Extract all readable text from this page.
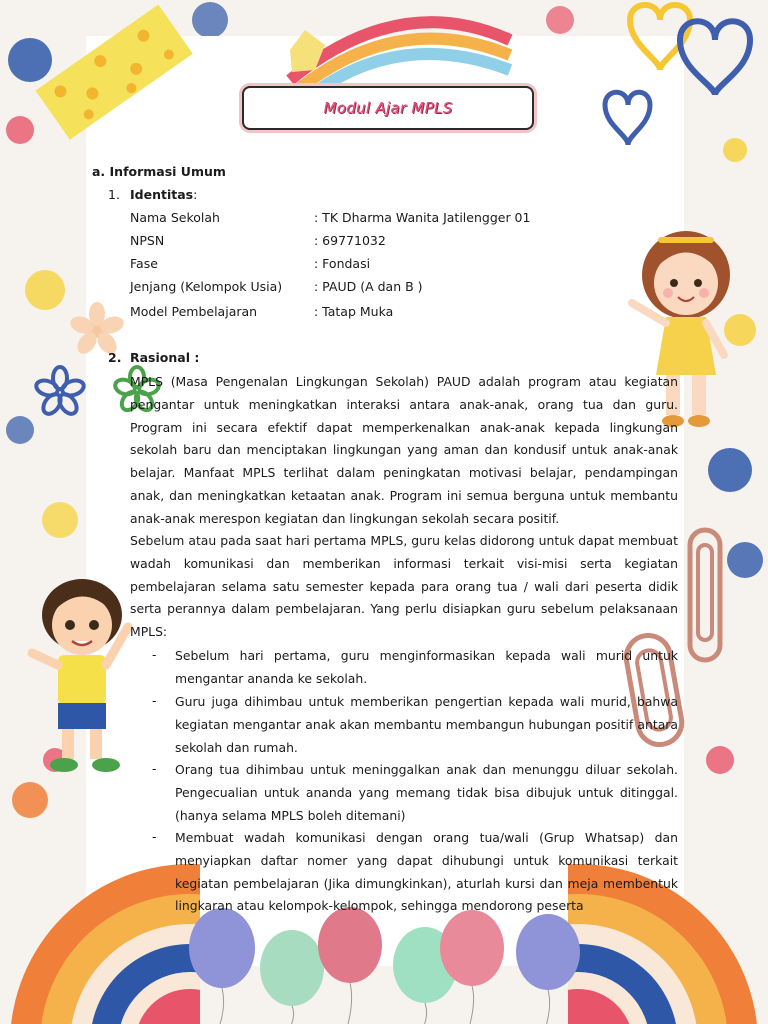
Modul Ajar MPLS
a. Informasi Umum
1. Identitas:
Nama Sekolah	: TK Dharma Wanita Jatilengger 01
NPSN	: 69771032
Fase	: Fondasi
Jenjang (Kelompok Usia)	: PAUD (A dan B )
Model Pembelajaran	: Tatap Muka
2. Rasional :
MPLS (Masa Pengenalan Lingkungan Sekolah) PAUD adalah program atau kegiatan pengantar untuk meningkatkan interaksi antara anak-anak, orang tua dan guru. Program ini secara efektif dapat memperkenalkan anak-anak kepada lingkungan sekolah baru dan menciptakan lingkungan yang aman dan kondusif untuk anak-anak belajar. Manfaat MPLS terlihat dalam peningkatan motivasi belajar, pendampingan anak, dan meningkatkan ketaatan anak. Program ini semua berguna untuk membantu anak-anak merespon kegiatan dan lingkungan sekolah secara positif.
Sebelum atau pada saat hari pertama MPLS, guru kelas didorong untuk dapat membuat wadah komunikasi dan memberikan informasi terkait visi-misi serta kegiatan pembelajaran selama satu semester kepada para orang tua / wali dari peserta didik serta perannya dalam pembelajaran. Yang perlu disiapkan guru sebelum pelaksanaan MPLS:
- Sebelum hari pertama, guru menginformasikan kepada wali murid untuk mengantar ananda ke sekolah.
- Guru juga dihimbau untuk memberikan pengertian kepada wali murid, bahwa kegiatan mengantar anak akan membantu membangun hubungan positif antara sekolah dan rumah.
- Orang tua dihimbau untuk meninggalkan anak dan menunggu diluar sekolah. Pengecualian untuk ananda yang memang tidak bisa dibujuk untuk ditinggal. (hanya selama MPLS boleh ditemani)
- Membuat wadah komunikasi dengan orang tua/wali (Grup Whatsap) dan menyiapkan daftar nomer yang dapat dihubungi untuk komunikasi terkait kegiatan pembelajaran (Jika dimungkinkan), aturlah kursi dan meja membentuk lingkaran atau kelompok-kelompok, sehingga mendorong peserta
